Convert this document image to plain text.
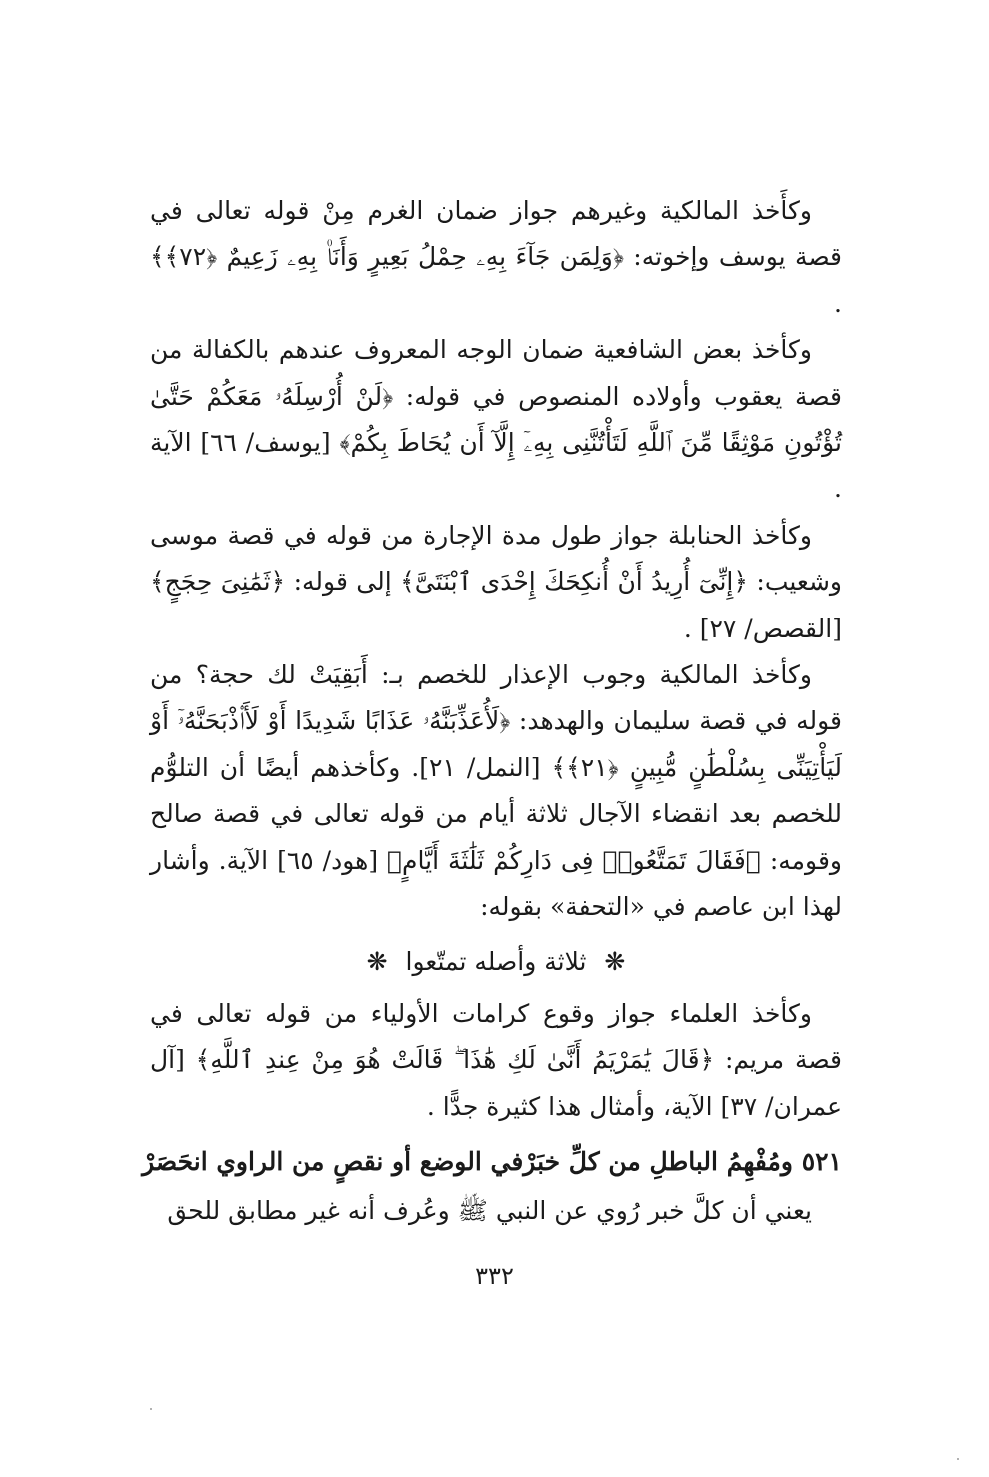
وكأَخذ المالكية وغيرهم جواز ضمان الغرم مِنْ قوله تعالى في قصة يوسف وإخوته: ﴿وَلِمَن جَآءَ بِهِۦ حِمْلُ بَعِيرٍ وَأَنَا۠ بِهِۦ زَعِيمٌ ﴿٧٢﴾﴾ .

وكأخذ بعض الشافعية ضمان الوجه المعروف عندهم بالكفالة من قصة يعقوب وأولاده المنصوص في قوله: ﴿لَنْ أُرْسِلَهُۥ مَعَكُمْ حَتَّىٰ تُؤْتُونِ مَوْثِقًا مِّنَ ٱللَّهِ لَتَأْتُنَّنِى بِهِۦٓ إِلَّآ أَن يُحَاطَ بِكُمْ﴾ [يوسف/ ٦٦] الآية .

وكأخذ الحنابلة جواز طول مدة الإجارة من قوله في قصة موسى وشعيب: ﴿إِنِّىٓ أُرِيدُ أَنْ أُنكِحَكَ إِحْدَى ٱبْنَتَىَّ﴾ إلى قوله: ﴿ثَمَٰنِىَ حِجَجٍ﴾ [القصص/ ٢٧] .

وكأخذ المالكية وجوب الإعذار للخصم بـ: أَبَقِيَتْ لك حجة؟ من قوله في قصة سليمان والهدهد: ﴿لَأُعَذِّبَنَّهُۥ عَذَابًا شَدِيدًا أَوْ لَأَا۟ذْبَحَنَّهُۥٓ أَوْ لَيَأْتِيَنِّى بِسُلْطَٰنٍ مُّبِينٍ ﴿٢١﴾﴾ [النمل/ ٢١]. وكأخذهم أيضًا أن التلوُّم للخصم بعد انقضاء الآجال ثلاثة أيام من قوله تعالى في قصة صالح وقومه: ﴿فَقَالَ تَمَتَّعُوا۟ فِى دَارِكُمْ ثَلَٰثَةَ أَيَّامٍ﴾ [هود/ ٦٥] الآية. وأشار لهذا ابن عاصم في «التحفة» بقوله:

❋ ثلاثة وأصله تمتّعوا ❋

وكأخذ العلماء جواز وقوع كرامات الأولياء من قوله تعالى في قصة مريم: ﴿قَالَ يَٰمَرْيَمُ أَنَّىٰ لَكِ هَٰذَا ۖ قَالَتْ هُوَ مِنْ عِندِ ٱللَّهِ﴾ [آل عمران/ ٣٧] الآية، وأمثال هذا كثيرة جدًّا .

٥٢١ ومُفْهِمُ الباطلِ من كلِّ خبَرْ
في الوضع أو نقصٍ من الراوي انحَصَرْ

يعني أن كلَّ خبر رُوي عن النبي ﷺ وعُرف أنه غير مطابق للحق

٣٣٢
